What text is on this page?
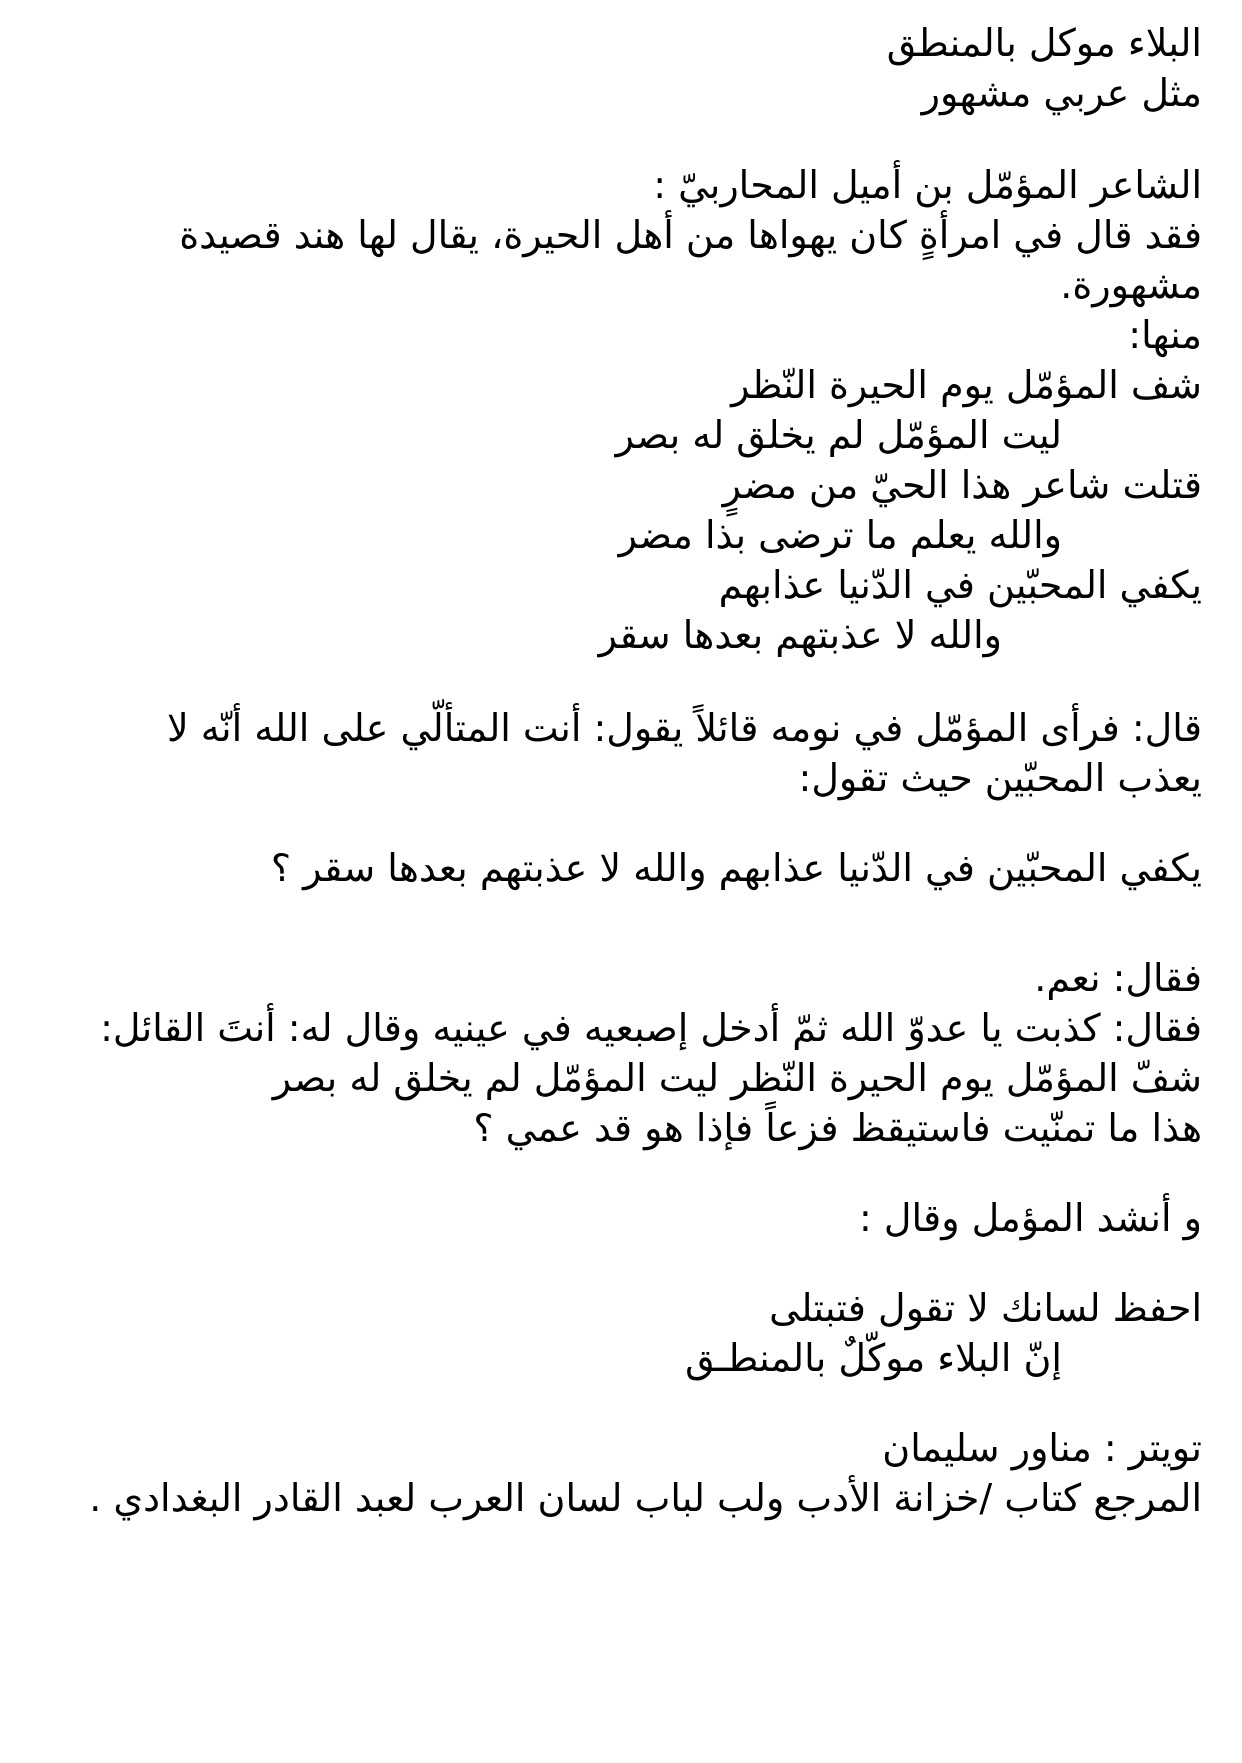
البلاء موكل بالمنطق
مثل عربي مشهور
الشاعر المؤمّل بن أميل المحاربيّ :
فقد قال في امرأةٍ كان يهواها من أهل الحيرة، يقال لها هند قصيدة مشهورة.
منها:
شف المؤمّل يوم الحيرة النّظر
ليت المؤمّل لم يخلق له بصر
قتلت شاعر هذا الحيّ من مضرٍ
والله يعلم ما ترضى بذا مضر
يكفي المحبّين في الدّنيا عذابهم
والله لا عذبتهم بعدها سقر
قال: فرأى المؤمّل في نومه قائلاً يقول: أنت المتألّي على الله أنّه لا يعذب المحبّين حيث تقول:
يكفي المحبّين في الدّنيا عذابهم والله لا عذبتهم بعدها سقر ؟
فقال: نعم.
فقال: كذبت يا عدوّ الله ثمّ أدخل إصبعيه في عينيه وقال له: أنتَ القائل:
شفّ المؤمّل يوم الحيرة النّظر ليت المؤمّل لم يخلق له بصر
هذا ما تمنّيت فاستيقظ فزعاً فإذا هو قد عمي ؟
و أنشد المؤمل وقال :
احفظ لسانك لا تقول فتبتلى
إنّ البلاء موكّلٌ بالمنطـق
تويتر : مناور سليمان
المرجع كتاب /خزانة الأدب ولب لباب لسان العرب لعبد القادر البغدادي .
